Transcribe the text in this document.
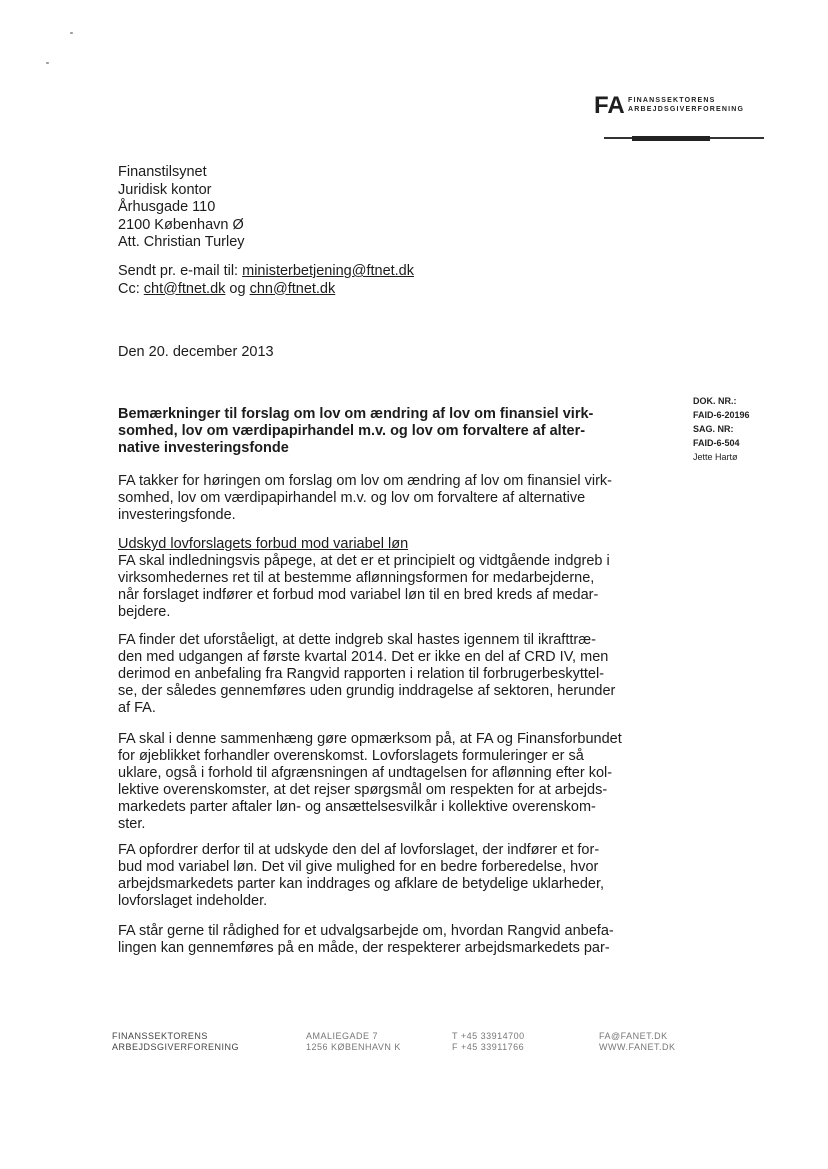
FA FINANSSEKTORENS
ARBEJDSGIVERFORENING
Finanstilsynet
Juridisk kontor
Århusgade 110
2100 København Ø
Att. Christian Turley
Sendt pr. e-mail til: ministerbetjening@ftnet.dk
Cc: cht@ftnet.dk og chn@ftnet.dk
Den 20. december 2013
DOK. NR.:
FAID-6-20196
SAG. NR:
FAID-6-504
Jette Hartø
Bemærkninger til forslag om lov om ændring af lov om finansiel virk-
somhed, lov om værdipapirhandel m.v. og lov om forvaltere af alter-
native investeringsfonde
FA takker for høringen om forslag om lov om ændring af lov om finansiel virk-
somhed, lov om værdipapirhandel m.v. og lov om forvaltere af alternative
investeringsfonde.
Udskyd lovforslagets forbud mod variabel løn
FA skal indledningsvis påpege, at det er et principielt og vidtgående indgreb i
virksomhedernes ret til at bestemme aflønningsformen for medarbejderne,
når forslaget indfører et forbud mod variabel løn til en bred kreds af medar-
bejdere.
FA finder det uforståeligt, at dette indgreb skal hastes igennem til ikrafttræ-
den med udgangen af første kvartal 2014. Det er ikke en del af CRD IV, men
derimod en anbefaling fra Rangvid rapporten i relation til forbrugerbeskyttel-
se, der således gennemføres uden grundig inddragelse af sektoren, herunder
af FA.
FA skal i denne sammenhæng gøre opmærksom på, at FA og Finansforbundet
for øjeblikket forhandler overenskomst. Lovforslagets formuleringer er så
uklare, også i forhold til afgrænsningen af undtagelsen for aflønning efter kol-
lektive overenskomster, at det rejser spørgsmål om respekten for at arbejds-
markedets parter aftaler løn- og ansættelsesvilkår i kollektive overenskom-
ster.
FA opfordrer derfor til at udskyde den del af lovforslaget, der indfører et for-
bud mod variabel løn. Det vil give mulighed for en bedre forberedelse, hvor
arbejdsmarkedets parter kan inddrages og afklare de betydelige uklarheder,
lovforslaget indeholder.
FA står gerne til rådighed for et udvalgsarbejde om, hvordan Rangvid anbefa-
lingen kan gennemføres på en måde, der respekterer arbejdsmarkedets par-
FINANSSEKTORENS
ARBEJDSGIVERFORENING
AMALIEGADE 7
1256 KØBENHAVN K
T +45 33914700
F +45 33911766
FA@FANET.DK
WWW.FANET.DK
